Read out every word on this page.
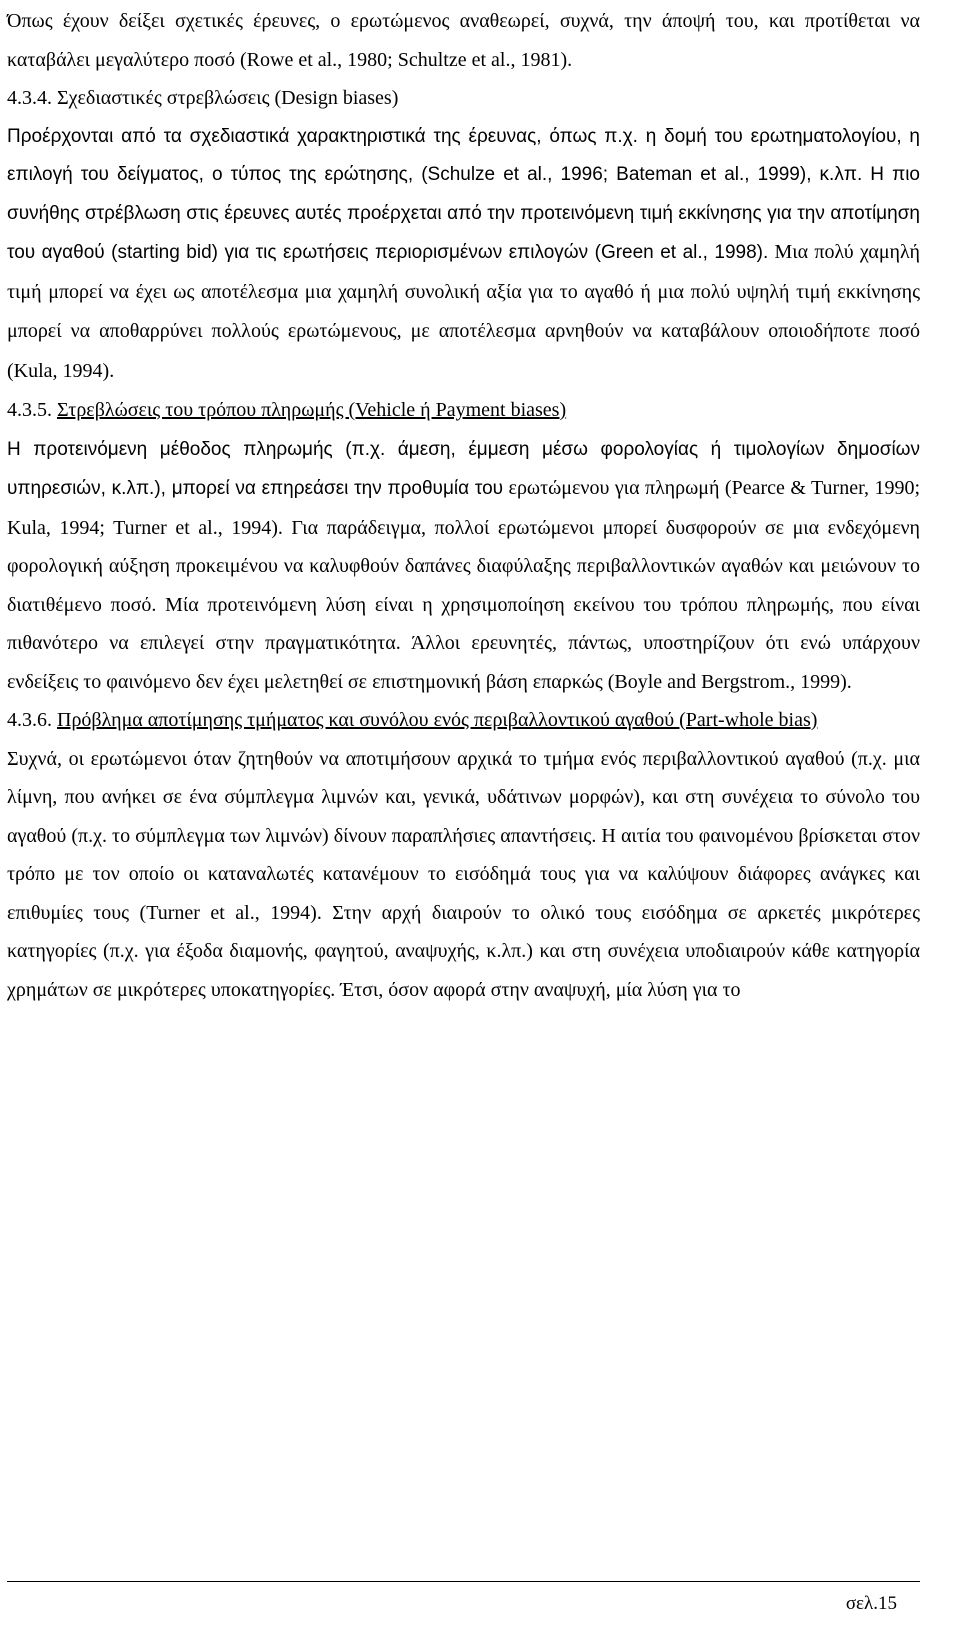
Όπως έχουν δείξει σχετικές έρευνες, ο ερωτώμενος αναθεωρεί, συχνά, την άποψή του, και προτίθεται να καταβάλει μεγαλύτερο ποσό (Rowe et al., 1980; Schultze et al., 1981).

4.3.4. Σχεδιαστικές στρεβλώσεις (Design biases)

Προέρχονται από τα σχεδιαστικά χαρακτηριστικά της έρευνας, όπως π.χ. η δομή του ερωτηματολογίου, η επιλογή του δείγματος, ο τύπος της ερώτησης, (Schulze et al., 1996; Bateman et al., 1999), κ.λπ. Η πιο συνήθης στρέβλωση στις έρευνες αυτές προέρχεται από την προτεινόμενη τιμή εκκίνησης για την αποτίμηση του αγαθού (starting bid) για τις ερωτήσεις περιορισμένων επιλογών (Green et al., 1998). Μια πολύ χαμηλή τιμή μπορεί να έχει ως αποτέλεσμα μια χαμηλή συνολική αξία για το αγαθό ή μια πολύ υψηλή τιμή εκκίνησης μπορεί να αποθαρρύνει πολλούς ερωτώμενους, με αποτέλεσμα αρνηθούν να καταβάλουν οποιοδήποτε ποσό (Kula, 1994).

4.3.5. Στρεβλώσεις του τρόπου πληρωμής (Vehicle ή Payment biases)

Η προτεινόμενη μέθοδος πληρωμής (π.χ. άμεση, έμμεση μέσω φορολογίας ή τιμολογίων δημοσίων υπηρεσιών, κ.λπ.), μπορεί να επηρεάσει την προθυμία του ερωτώμενου για πληρωμή (Pearce & Turner, 1990; Kula, 1994; Turner et al., 1994). Για παράδειγμα, πολλοί ερωτώμενοι μπορεί δυσφορούν σε μια ενδεχόμενη φορολογική αύξηση προκειμένου να καλυφθούν δαπάνες διαφύλαξης περιβαλλοντικών αγαθών και μειώνουν το διατιθέμενο ποσό. Μία προτεινόμενη λύση είναι η χρησιμοποίηση εκείνου του τρόπου πληρωμής, που είναι πιθανότερο να επιλεγεί στην πραγματικότητα. Άλλοι ερευνητές, πάντως, υποστηρίζουν ότι ενώ υπάρχουν ενδείξεις το φαινόμενο δεν έχει μελετηθεί σε επιστημονική βάση επαρκώς (Boyle and Bergstrom., 1999).

4.3.6. Πρόβλημα αποτίμησης τμήματος και συνόλου ενός περιβαλλοντικού αγαθού (Part-whole bias)

Συχνά, οι ερωτώμενοι όταν ζητηθούν να αποτιμήσουν αρχικά το τμήμα ενός περιβαλλοντικού αγαθού (π.χ. μια λίμνη, που ανήκει σε ένα σύμπλεγμα λιμνών και, γενικά, υδάτινων μορφών), και στη συνέχεια το σύνολο του αγαθού (π.χ. το σύμπλεγμα των λιμνών) δίνουν παραπλήσιες απαντήσεις. Η αιτία του φαινομένου βρίσκεται στον τρόπο με τον οποίο οι καταναλωτές κατανέμουν το εισόδημά τους για να καλύψουν διάφορες ανάγκες και επιθυμίες τους (Turner et al., 1994). Στην αρχή διαιρούν το ολικό τους εισόδημα σε αρκετές μικρότερες κατηγορίες (π.χ. για έξοδα διαμονής, φαγητού, αναψυχής, κ.λπ.) και στη συνέχεια υποδιαιρούν κάθε κατηγορία χρημάτων σε μικρότερες υποκατηγορίες. Έτσι, όσον αφορά στην αναψυχή, μία λύση για το

σελ.15
